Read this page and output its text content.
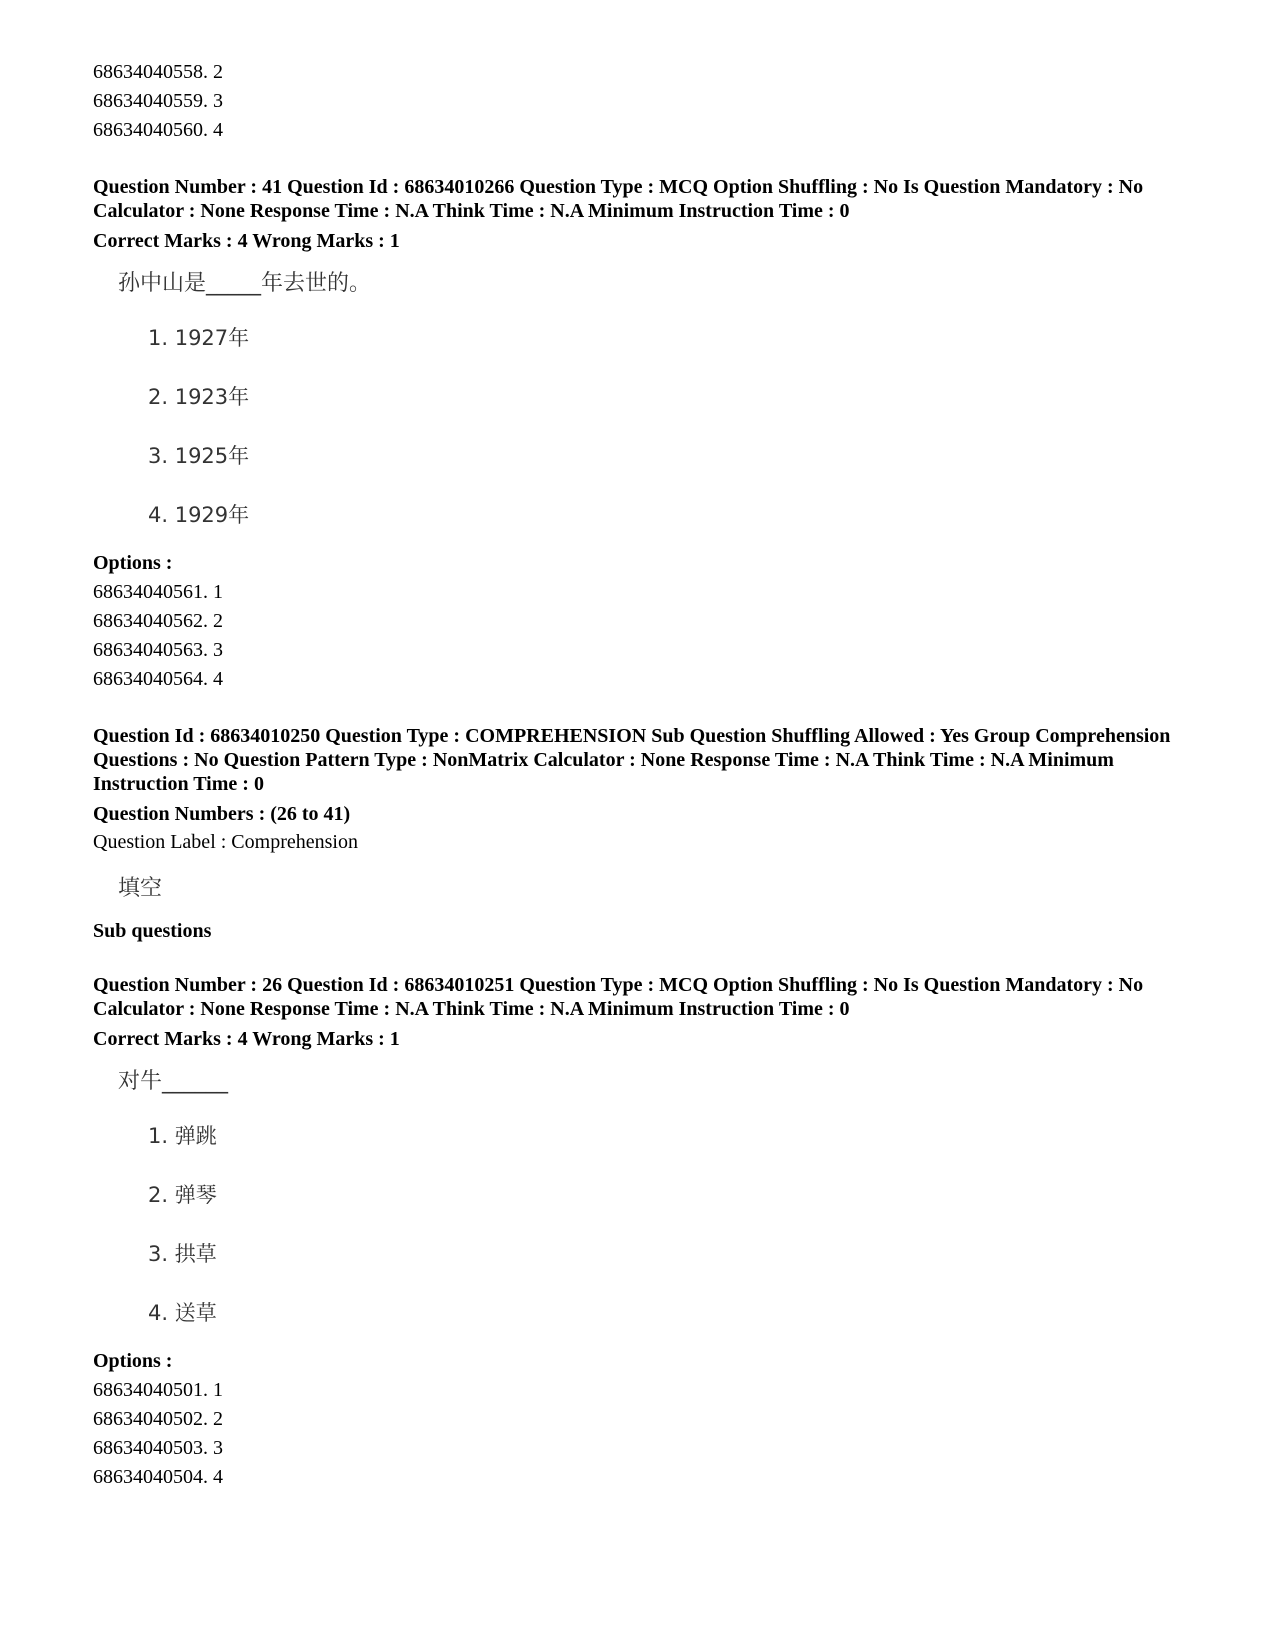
68634040558. 2
68634040559. 3
68634040560. 4
Question Number : 41 Question Id : 68634010266 Question Type : MCQ Option Shuffling : No Is Question Mandatory : No Calculator : None Response Time : N.A Think Time : N.A Minimum Instruction Time : 0
Correct Marks : 4 Wrong Marks : 1
孙中山是_____年去世的。
1. 1927年
2. 1923年
3. 1925年
4. 1929年
Options :
68634040561. 1
68634040562. 2
68634040563. 3
68634040564. 4
Question Id : 68634010250 Question Type : COMPREHENSION Sub Question Shuffling Allowed : Yes Group Comprehension Questions : No Question Pattern Type : NonMatrix Calculator : None Response Time : N.A Think Time : N.A Minimum Instruction Time : 0
Question Numbers : (26 to 41)
Question Label : Comprehension
填空
Sub questions
Question Number : 26 Question Id : 68634010251 Question Type : MCQ Option Shuffling : No Is Question Mandatory : No Calculator : None Response Time : N.A Think Time : N.A Minimum Instruction Time : 0
Correct Marks : 4 Wrong Marks : 1
对牛______
1. 弹跳
2. 弹琴
3. 拱草
4. 送草
Options :
68634040501. 1
68634040502. 2
68634040503. 3
68634040504. 4
